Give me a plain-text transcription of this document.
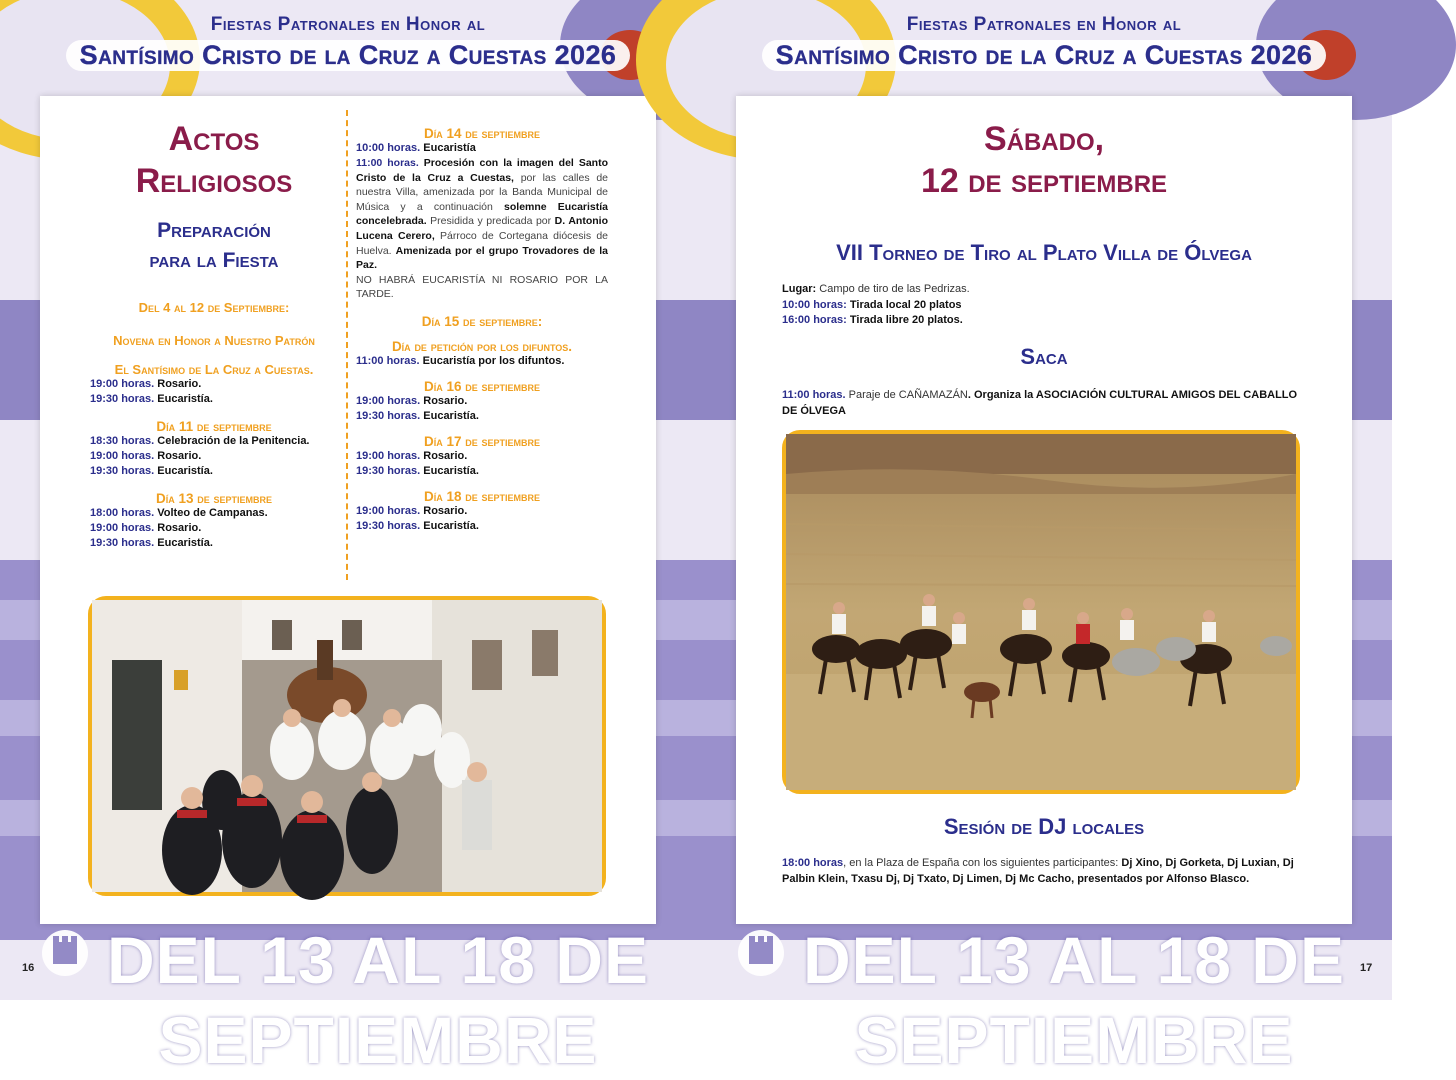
Fiestas Patronales en Honor al
Santísimo Cristo de la Cruz a Cuestas 2026
Actos
Religiosos
Preparación
para la Fiesta
Del 4 al 12 de Septiembre:
Novena en Honor a Nuestro Patrón
El Santísimo de La Cruz a Cuestas.
19:00 horas. Rosario.
19:30 horas. Eucaristía.
Día 11 de septiembre
18:30 horas. Celebración de la Penitencia.
19:00 horas. Rosario.
19:30 horas. Eucaristía.
Día 13 de septiembre
18:00 horas. Volteo de Campanas.
19:00 horas. Rosario.
19:30 horas. Eucaristía.
Día 14 de septiembre
10:00 horas. Eucaristía
11:00 horas. Procesión con la imagen del Santo Cristo de la Cruz a Cuestas, por las calles de nuestra Villa, amenizada por la Banda Municipal de Música y a continuación solemne Eucaristía concelebrada. Presidida y predicada por D. Antonio Lucena Cerero, Párroco de Cortegana diócesis de Huelva. Amenizada por el grupo Trovadores de la Paz.
NO HABRÁ EUCARISTÍA NI ROSARIO POR LA TARDE.
Día 15 de septiembre:
Día de petición por los difuntos.
11:00 horas. Eucaristía por los difuntos.
Día 16 de septiembre
19:00 horas. Rosario.
19:30 horas. Eucaristía.
Día 17 de septiembre
19:00 horas. Rosario.
19:30 horas. Eucaristía.
Día 18 de septiembre
19:00 horas. Rosario.
19:30 horas. Eucaristía.
DEL 13 AL 18 DE SEPTIEMBRE
16
Fiestas Patronales en Honor al
Santísimo Cristo de la Cruz a Cuestas 2026
Sábado,
12 de septiembre
VII Torneo de Tiro al Plato Villa de Ólvega
Lugar: Campo de tiro de las Pedrizas.
10:00 horas: Tirada local 20 platos
16:00 horas: Tirada libre 20 platos.
Saca
11:00 horas. Paraje de CAÑAMAZÁN. Organiza la ASOCIACIÓN CULTURAL AMIGOS DEL CABALLO DE ÓLVEGA
Sesión de DJ locales
18:00 horas, en la Plaza de España con los siguientes participantes: Dj Xino, Dj Gorketa, Dj Luxian, Dj Palbin Klein, Txasu Dj, Dj Txato, Dj Limen, Dj Mc Cacho, presentados por Alfonso Blasco.
DEL 13 AL 18 DE SEPTIEMBRE
17
